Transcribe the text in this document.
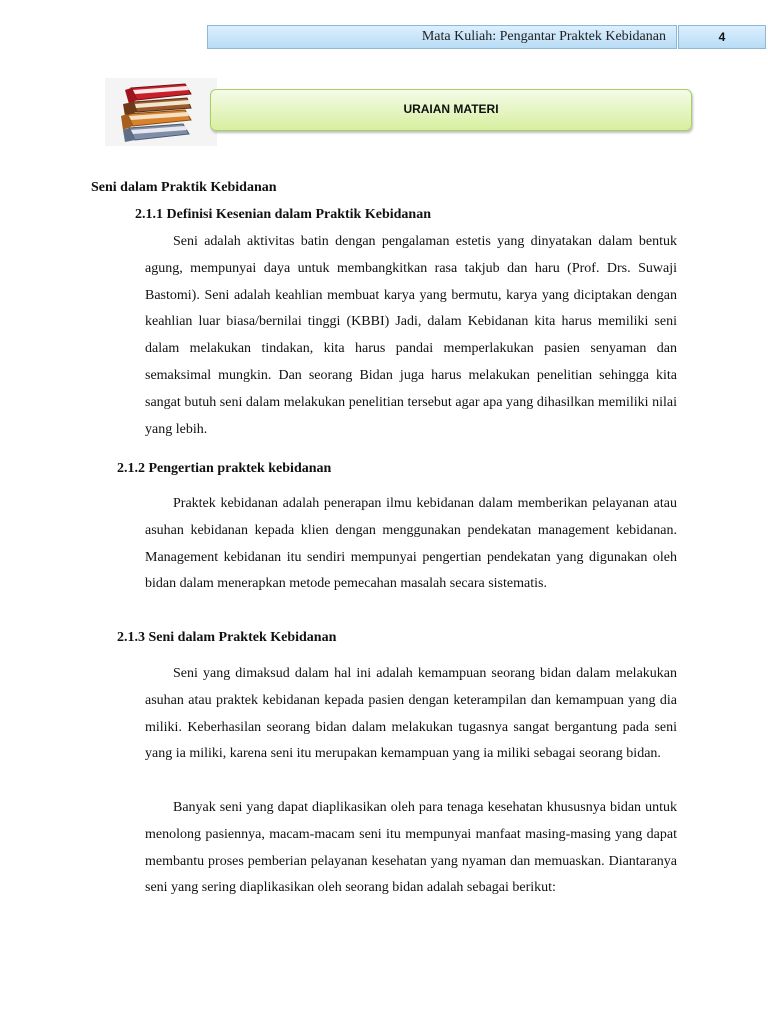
Mata Kuliah: Pengantar Praktek Kebidanan	4
URAIAN MATERI
Seni dalam Praktik Kebidanan
2.1.1 Definisi Kesenian dalam Praktik Kebidanan

Seni adalah aktivitas batin dengan pengalaman estetis yang dinyatakan dalam bentuk agung, mempunyai daya untuk membangkitkan rasa takjub dan haru (Prof. Drs. Suwaji Bastomi). Seni adalah keahlian membuat karya yang bermutu, karya yang diciptakan dengan keahlian luar biasa/bernilai tinggi (KBBI) Jadi, dalam Kebidanan kita harus memiliki seni dalam melakukan tindakan, kita harus pandai memperlakukan pasien senyaman dan semaksimal mungkin. Dan seorang Bidan juga harus melakukan penelitian sehingga kita sangat butuh seni dalam melakukan penelitian tersebut agar apa yang dihasilkan memiliki nilai yang lebih.

2.1.2 Pengertian praktek kebidanan

Praktek kebidanan adalah penerapan ilmu kebidanan dalam memberikan pelayanan atau asuhan kebidanan kepada klien dengan menggunakan pendekatan management kebidanan. Management kebidanan itu sendiri mempunyai pengertian pendekatan yang digunakan oleh bidan dalam menerapkan metode pemecahan masalah secara sistematis.

2.1.3 Seni dalam Praktek Kebidanan

Seni yang dimaksud dalam hal ini adalah kemampuan seorang bidan dalam melakukan asuhan atau praktek kebidanan kepada pasien dengan keterampilan dan kemampuan yang dia miliki. Keberhasilan seorang bidan dalam melakukan tugasnya sangat bergantung pada seni yang ia miliki, karena seni itu merupakan kemampuan yang ia miliki sebagai seorang bidan.

Banyak seni yang dapat diaplikasikan oleh para tenaga kesehatan khususnya bidan untuk menolong pasiennya, macam-macam seni itu mempunyai manfaat masing-masing yang dapat membantu proses pemberian pelayanan kesehatan yang nyaman dan memuaskan. Diantaranya seni yang sering diaplikasikan oleh seorang bidan adalah sebagai berikut:
